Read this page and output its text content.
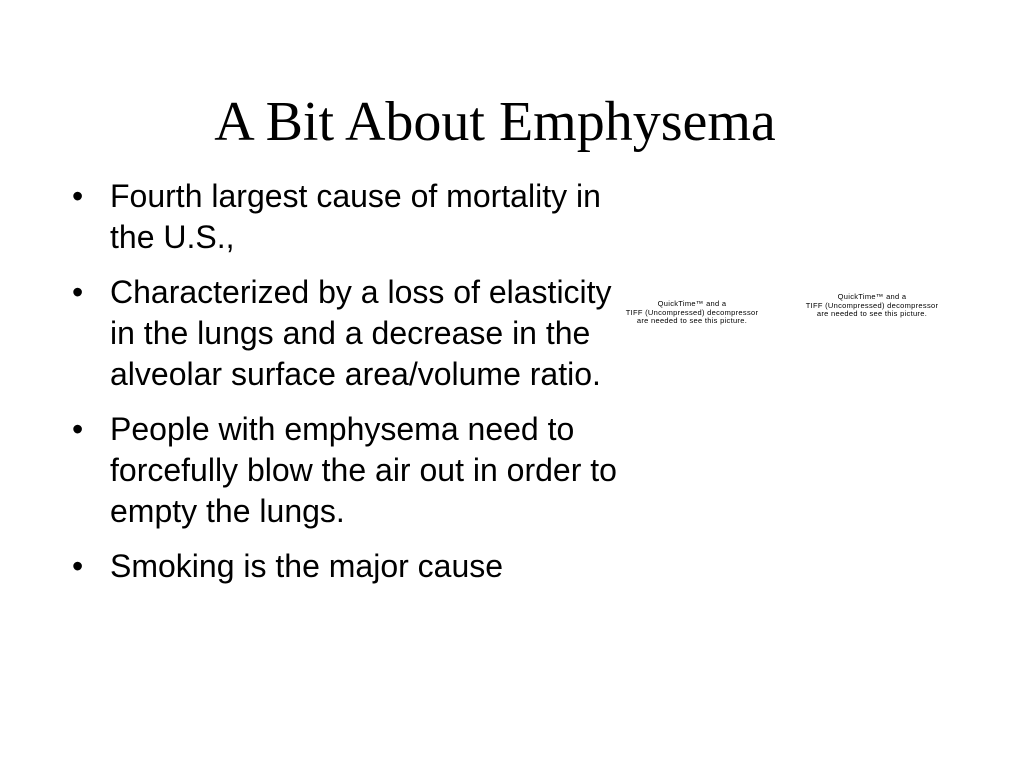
A Bit About Emphysema
• Fourth largest cause of mortality in the U.S.,
• Characterized by a loss of elasticity in the lungs and a decrease in the alveolar surface area/volume ratio.
• People with emphysema need to forcefully blow the air out in order to empty the lungs.
• Smoking is the major cause
QuickTime™ and a
TIFF (Uncompressed) decompressor
are needed to see this picture.
QuickTime™ and a
TIFF (Uncompressed) decompressor
are needed to see this picture.
